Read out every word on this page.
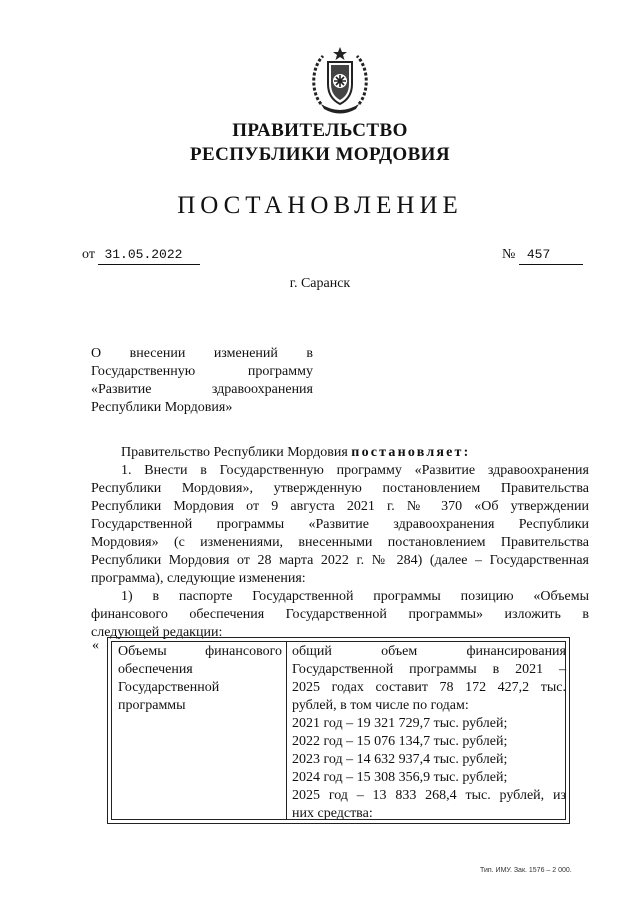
ПРАВИТЕЛЬСТВО
РЕСПУБЛИКИ МОРДОВИЯ
ПОСТАНОВЛЕНИЕ
от 31.05.2022	№ 457
г. Саранск
О внесении изменений в
Государственную программу
«Развитие здравоохранения
Республики Мордовия»
Правительство Республики Мордовия постановляет:
1. Внести в Государственную программу «Развитие здравоохранения
Республики Мордовия», утвержденную постановлением Правительства
Республики Мордовия от 9 августа 2021 г. № 370 «Об утверждении
Государственной программы «Развитие здравоохранения Республики
Мордовия» (с изменениями, внесенными постановлением Правительства
Республики Мордовия от 28 марта 2022 г. № 284) (далее – Государственная
программа), следующие изменения:
1) в паспорте Государственной программы позицию «Объемы
финансового обеспечения Государственной программы» изложить в
следующей редакции:
« Объемы финансового
обеспечения
Государственной
программы
общий объем финансирования
Государственной программы в 2021 –
2025 годах составит 78 172 427,2 тыс.
рублей, в том числе по годам:
2021 год – 19 321 729,7 тыс. рублей;
2022 год – 15 076 134,7 тыс. рублей;
2023 год – 14 632 937,4 тыс. рублей;
2024 год – 15 308 356,9 тыс. рублей;
2025 год – 13 833 268,4 тыс. рублей, из
них средства:
Тип. ИМУ. Зак. 1576 – 2 000.
